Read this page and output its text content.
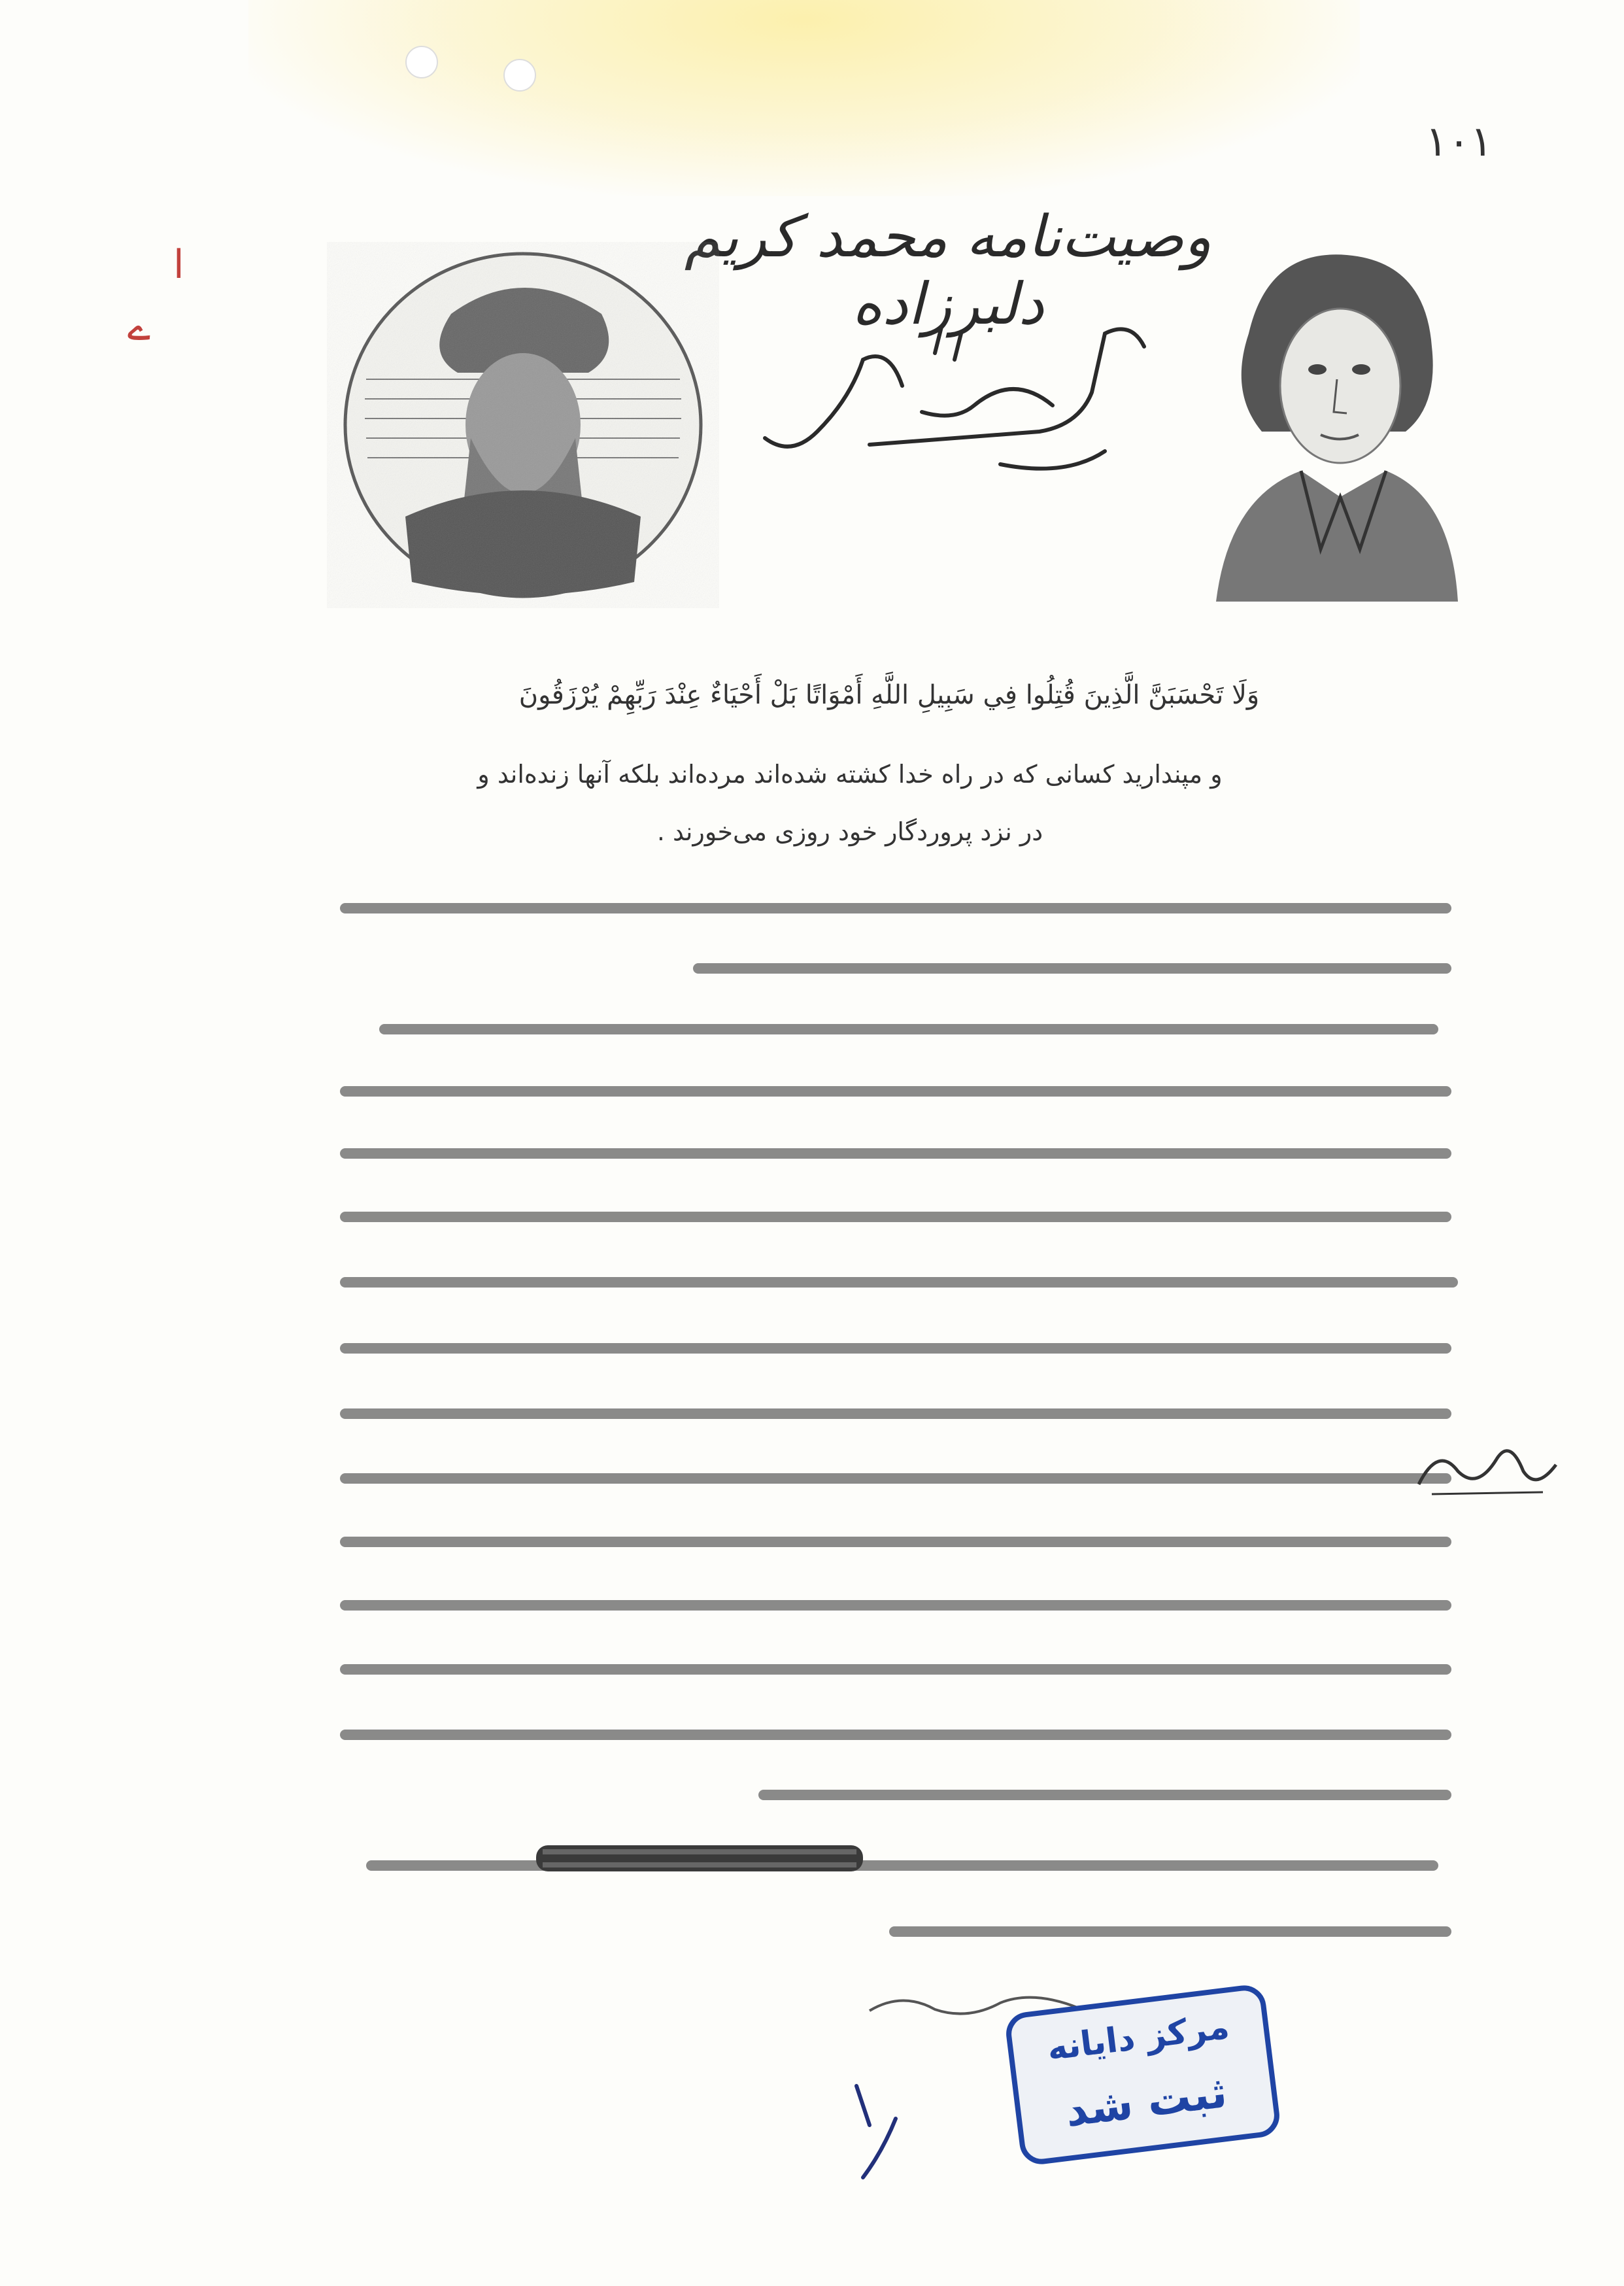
۱۰۱
وصیت‌نامه محمد کریم دلبرزاده
وَلَا تَحْسَبَنَّ الَّذِينَ قُتِلُوا فِي سَبِيلِ اللَّهِ أَمْوَاتًا بَلْ أَحْيَاءٌ عِنْدَ رَبِّهِمْ يُرْزَقُونَ
و مپندارید کسانی که در راه خدا کشته شده‌اند مرده‌اند بلکه آنها زنده‌اند و
در نزد پروردگار خود روزی می‌خورند .
ا
ے
مرکز دایانه
ثبت شد
